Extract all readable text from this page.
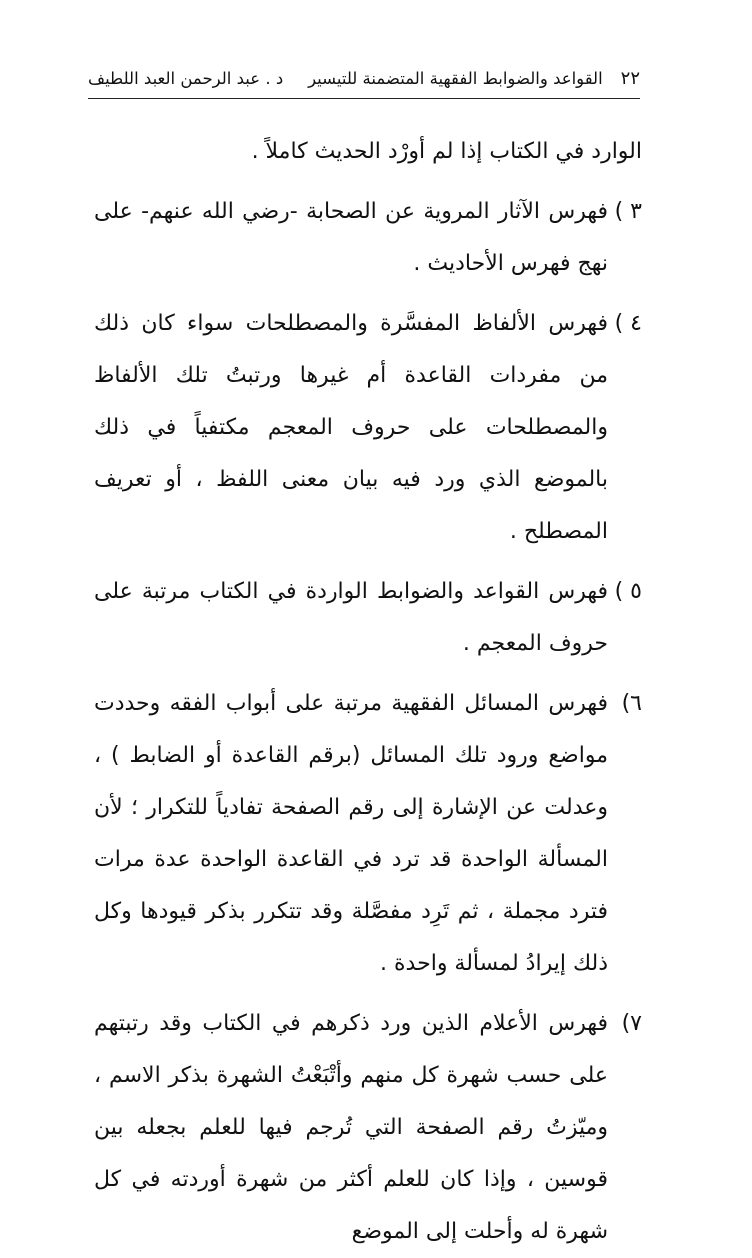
٢٢
القواعد والضوابط الفقهية المتضمنة للتيسير
د . عبد الرحمن العبد اللطيف

الوارد في الكتاب إذا لم أورْد الحديث كاملاً .

٣ )
فهرس الآثار المروية عن الصحابة -رضي الله عنهم- على نهج فهرس الأحاديث .
٤ )
فهرس الألفاظ المفسَّرة والمصطلحات سواء كان ذلك من مفردات القاعدة أم غيرها ورتبتُ تلك الألفاظ والمصطلحات على حروف المعجم مكتفياً في ذلك بالموضع الذي ورد فيه بيان معنى اللفظ ، أو تعريف المصطلح .
٥ )
فهرس القواعد والضوابط الواردة في الكتاب مرتبة على حروف المعجم .
٦)
فهرس المسائل الفقهية مرتبة على أبواب الفقه وحددت مواضع ورود تلك المسائل (برقم القاعدة أو الضابط ) ، وعدلت عن الإشارة إلى رقم الصفحة تفادياً للتكرار ؛ لأن المسألة الواحدة قد ترد في القاعدة الواحدة عدة مرات فترد مجملة ، ثم تَرِد مفصَّلة وقد تتكرر بذكر قيودها وكل ذلك إيرادُ لمسألة واحدة .
٧)
فهرس الأعلام الذين ورد ذكرهم في الكتاب وقد رتبتهم على حسب شهرة كل منهم وأتْبَعْتُ الشهرة بذكر الاسم ، وميّزتُ رقم الصفحة التي تُرجم فيها للعلم بجعله بين قوسين ، وإذا كان للعلم أكثر من شهرة أوردته في كل شهرة له وأحلت إلى الموضع
